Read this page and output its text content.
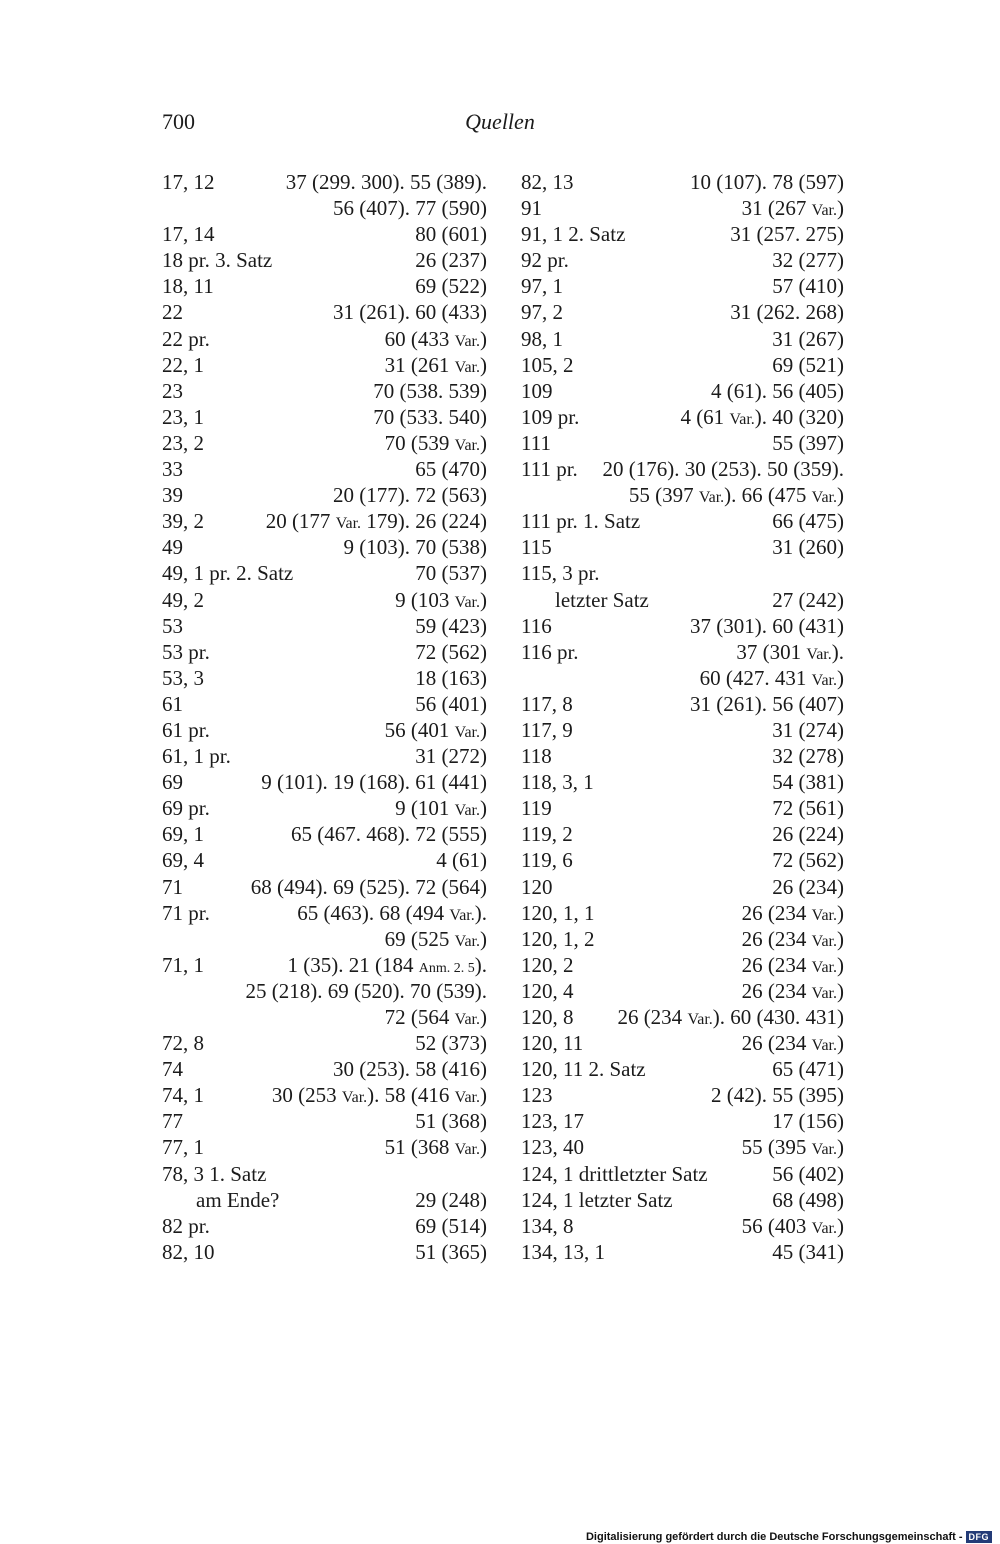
700	Quellen
17, 12	37 (299. 300). 55 (389).
56 (407). 77 (590)
17, 14	80 (601)
18 pr. 3. Satz	26 (237)
18, 11	69 (522)
22	31 (261). 60 (433)
22 pr.	60 (433 Var.)
22, 1	31 (261 Var.)
23	70 (538. 539)
23, 1	70 (533. 540)
23, 2	70 (539 Var.)
33	65 (470)
39	20 (177). 72 (563)
39, 2	20 (177 Var. 179). 26 (224)
49	9 (103). 70 (538)
49, 1 pr. 2. Satz	70 (537)
49, 2	9 (103 Var.)
53	59 (423)
53 pr.	72 (562)
53, 3	18 (163)
61	56 (401)
61 pr.	56 (401 Var.)
61, 1 pr.	31 (272)
69	9 (101). 19 (168). 61 (441)
69 pr.	9 (101 Var.)
69, 1	65 (467. 468). 72 (555)
69, 4	4 (61)
71	68 (494). 69 (525). 72 (564)
71 pr.	65 (463). 68 (494 Var.).
69 (525 Var.)
71, 1	1 (35). 21 (184 Anm. 2. 5).
25 (218). 69 (520). 70 (539).
72 (564 Var.)
72, 8	52 (373)
74	30 (253). 58 (416)
74, 1	30 (253 Var.). 58 (416 Var.)
77	51 (368)
77, 1	51 (368 Var.)
78, 3 1. Satz
am Ende?	29 (248)
82 pr.	69 (514)
82, 10	51 (365)
82, 13	10 (107). 78 (597)
91	31 (267 Var.)
91, 1 2. Satz	31 (257. 275)
92 pr.	32 (277)
97, 1	57 (410)
97, 2	31 (262. 268)
98, 1	31 (267)
105, 2	69 (521)
109	4 (61). 56 (405)
109 pr.	4 (61 Var.). 40 (320)
111	55 (397)
111 pr. 20 (176). 30 (253). 50 (359).
55 (397 Var.). 66 (475 Var.)
111 pr. 1. Satz	66 (475)
115	31 (260)
115, 3 pr.
letzter Satz	27 (242)
116	37 (301). 60 (431)
116 pr.	37 (301 Var.).
60 (427. 431 Var.)
117, 8	31 (261). 56 (407)
117, 9	31 (274)
118	32 (278)
118, 3, 1	54 (381)
119	72 (561)
119, 2	26 (224)
119, 6	72 (562)
120	26 (234)
120, 1, 1	26 (234 Var.)
120, 1, 2	26 (234 Var.)
120, 2	26 (234 Var.)
120, 4	26 (234 Var.)
120, 8 26 (234 Var.). 60 (430. 431)
120, 11	26 (234 Var.)
120, 11 2. Satz	65 (471)
123	2 (42). 55 (395)
123, 17	17 (156)
123, 40	55 (395 Var.)
124, 1 drittletzter Satz	56 (402)
124, 1 letzter Satz	68 (498)
134, 8	56 (403 Var.)
134, 13, 1	45 (341)
Digitalisierung gefördert durch die Deutsche Forschungsgemeinschaft - DFG
